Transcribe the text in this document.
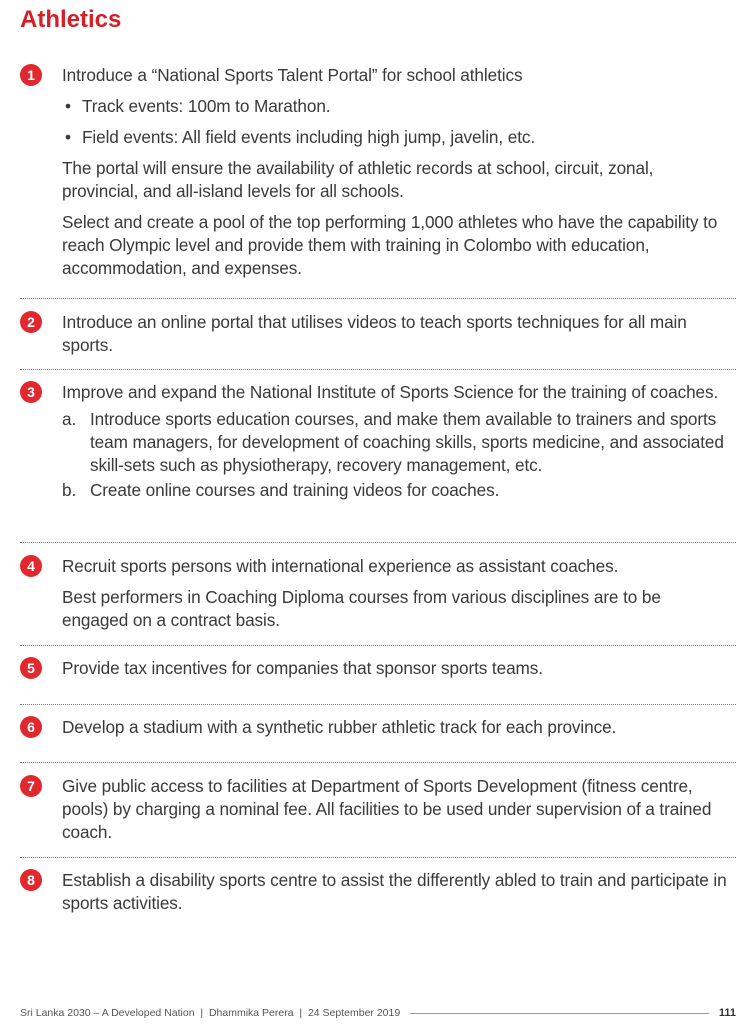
Athletics
1	Introduce a “National Sports Talent Portal” for school athletics

• Track events: 100m to Marathon.
• Field events: All field events including high jump, javelin, etc.

The portal will ensure the availability of athletic records at school, circuit, zonal, provincial, and all-island levels for all schools.

Select and create a pool of the top performing 1,000 athletes who have the capability to reach Olympic level and provide them with training in Colombo with education, accommodation, and expenses.

2	Introduce an online portal that utilises videos to teach sports techniques for all main sports.

3	Improve and expand the National Institute of Sports Science for the training of coaches.

a. Introduce sports education courses, and make them available to trainers and sports team managers, for development of coaching skills, sports medicine, and associated skill-sets such as physiotherapy, recovery management, etc.
b. Create online courses and training videos for coaches.
4	Recruit sports persons with international experience as assistant coaches.

Best performers in Coaching Diploma courses from various disciplines are to be engaged on a contract basis.

5	Provide tax incentives for companies that sponsor sports teams.

6	Develop a stadium with a synthetic rubber athletic track for each province.

7	Give public access to facilities at Department of Sports Development (fitness centre, pools) by charging a nominal fee. All facilities to be used under supervision of a trained coach.

8	Establish a disability sports centre to assist the differently abled to train and participate in sports activities.

Sri Lanka 2030 – A Developed Nation  |  Dhammika Perera  |  24 September 2019	111
